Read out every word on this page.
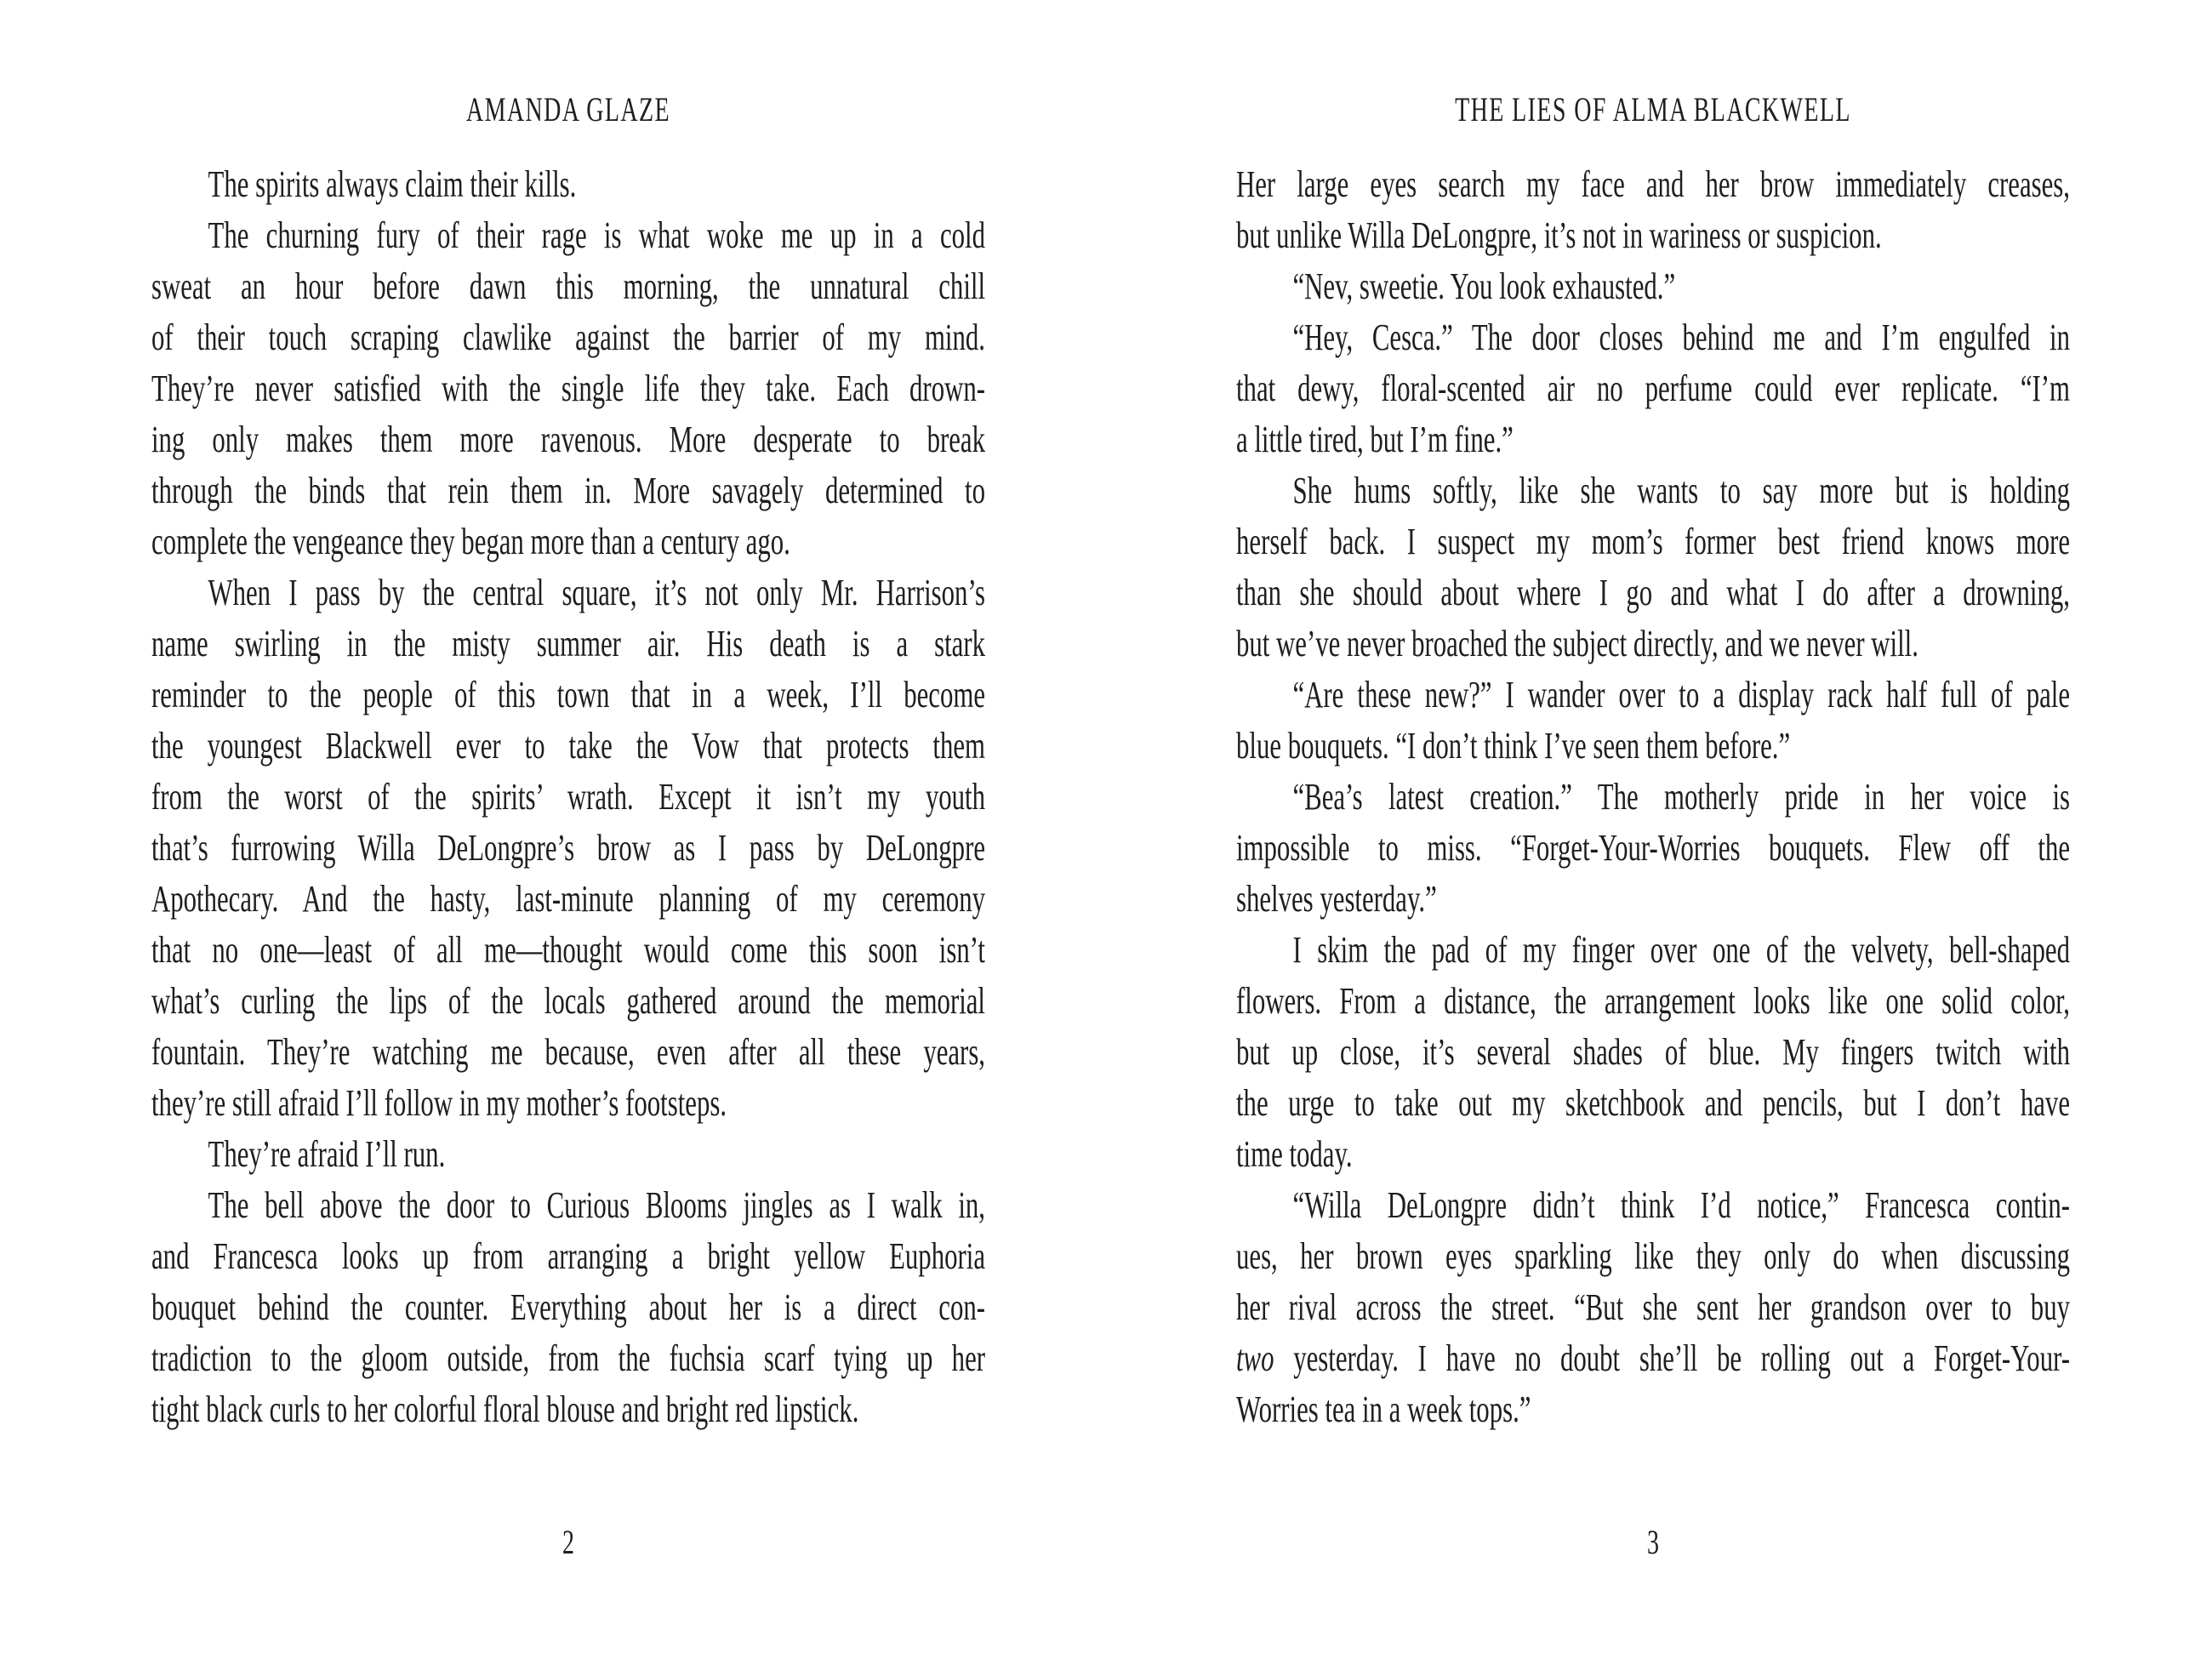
AMANDA GLAZE
The spirits always claim their kills.
The churning fury of their rage is what woke me up in a cold
sweat an hour before dawn this morning, the unnatural chill
of their touch scraping clawlike against the barrier of my mind.
They’re never satisfied with the single life they take. Each drown-
ing only makes them more ravenous. More desperate to break
through the binds that rein them in. More savagely determined to
complete the vengeance they began more than a century ago.
When I pass by the central square, it’s not only Mr. Harrison’s
name swirling in the misty summer air. His death is a stark
reminder to the people of this town that in a week, I’ll become
the youngest Blackwell ever to take the Vow that protects them
from the worst of the spirits’ wrath. Except it isn’t my youth
that’s furrowing Willa DeLongpre’s brow as I pass by DeLongpre
Apothecary. And the hasty, last-minute planning of my ceremony
that no one—least of all me—thought would come this soon isn’t
what’s curling the lips of the locals gathered around the memorial
fountain. They’re watching me because, even after all these years,
they’re still afraid I’ll follow in my mother’s footsteps.
They’re afraid I’ll run.
The bell above the door to Curious Blooms jingles as I walk in,
and Francesca looks up from arranging a bright yellow Euphoria
bouquet behind the counter. Everything about her is a direct con-
tradiction to the gloom outside, from the fuchsia scarf tying up her
tight black curls to her colorful floral blouse and bright red lipstick.
2
THE LIES OF ALMA BLACKWELL
Her large eyes search my face and her brow immediately creases,
but unlike Willa DeLongpre, it’s not in wariness or suspicion.
“Nev, sweetie. You look exhausted.”
“Hey, Cesca.” The door closes behind me and I’m engulfed in
that dewy, floral-scented air no perfume could ever replicate. “I’m
a little tired, but I’m fine.”
She hums softly, like she wants to say more but is holding
herself back. I suspect my mom’s former best friend knows more
than she should about where I go and what I do after a drowning,
but we’ve never broached the subject directly, and we never will.
“Are these new?” I wander over to a display rack half full of pale
blue bouquets. “I don’t think I’ve seen them before.”
“Bea’s latest creation.” The motherly pride in her voice is
impossible to miss. “Forget-Your-Worries bouquets. Flew off the
shelves yesterday.”
I skim the pad of my finger over one of the velvety, bell-shaped
flowers. From a distance, the arrangement looks like one solid color,
but up close, it’s several shades of blue. My fingers twitch with
the urge to take out my sketchbook and pencils, but I don’t have
time today.
“Willa DeLongpre didn’t think I’d notice,” Francesca contin-
ues, her brown eyes sparkling like they only do when discussing
her rival across the street. “But she sent her grandson over to buy
two yesterday. I have no doubt she’ll be rolling out a Forget-Your-
Worries tea in a week tops.”
3
